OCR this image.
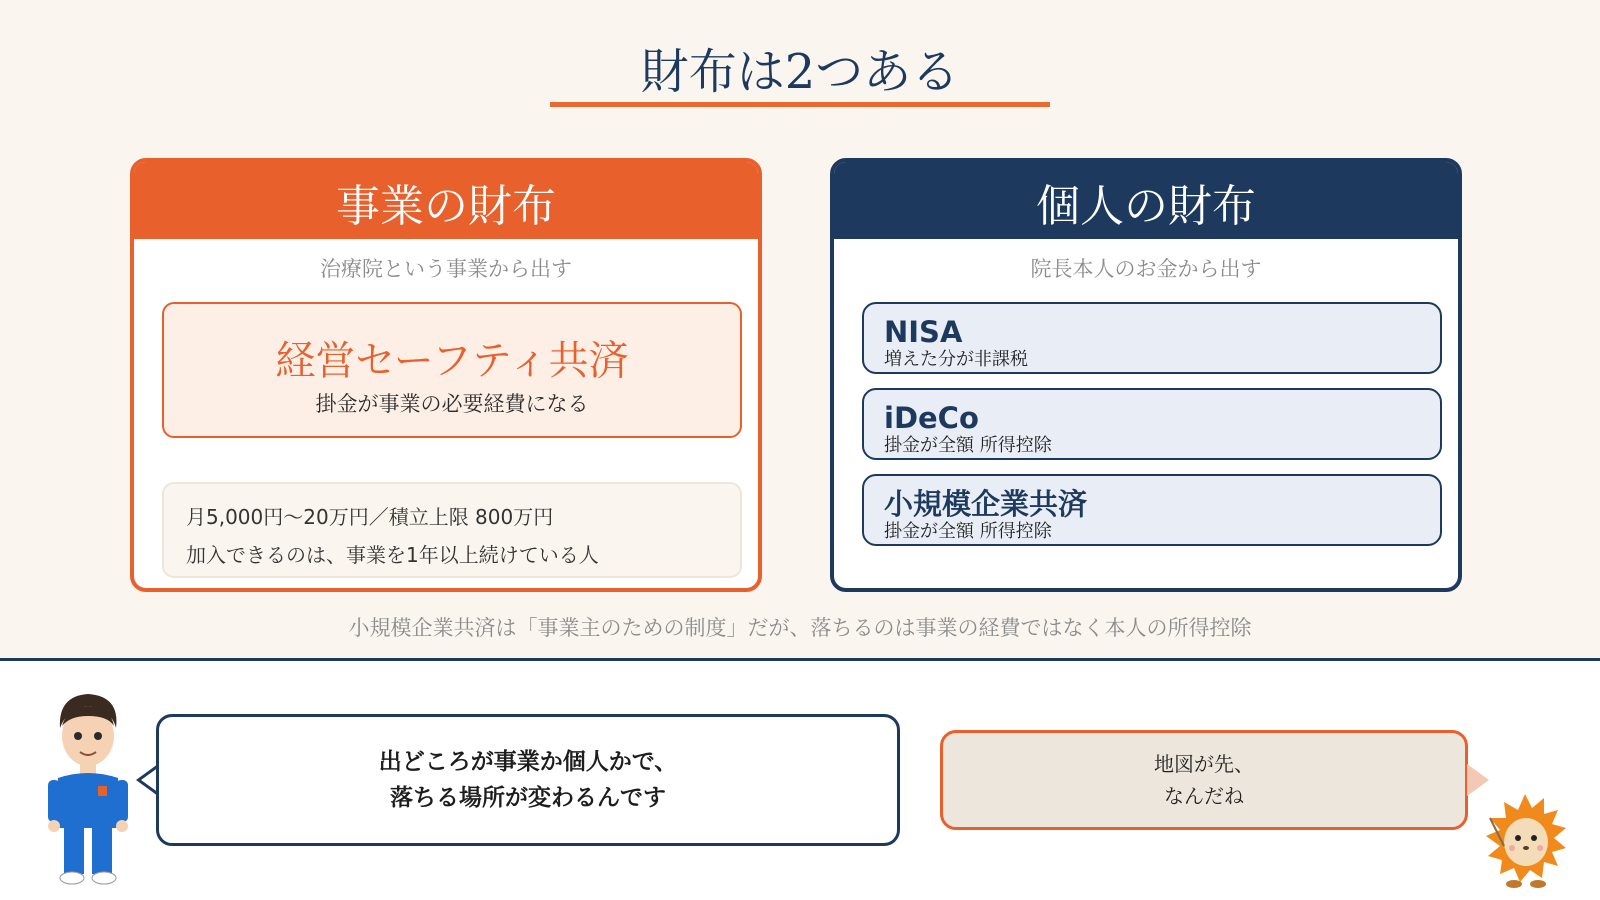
財布は2つある
事業の財布
治療院という事業から出す
経営セーフティ共済
掛金が事業の必要経費になる
月5,000円〜20万円／積立上限 800万円
加入できるのは、事業を1年以上続けている人
個人の財布
院長本人のお金から出す
NISA
増えた分が非課税
iDeCo
掛金が全額 所得控除
小規模企業共済
掛金が全額 所得控除
小規模企業共済は「事業主のための制度」だが、落ちるのは事業の経費ではなく本人の所得控除
出どころが事業か個人かで、
落ちる場所が変わるんです
地図が先、
なんだね
